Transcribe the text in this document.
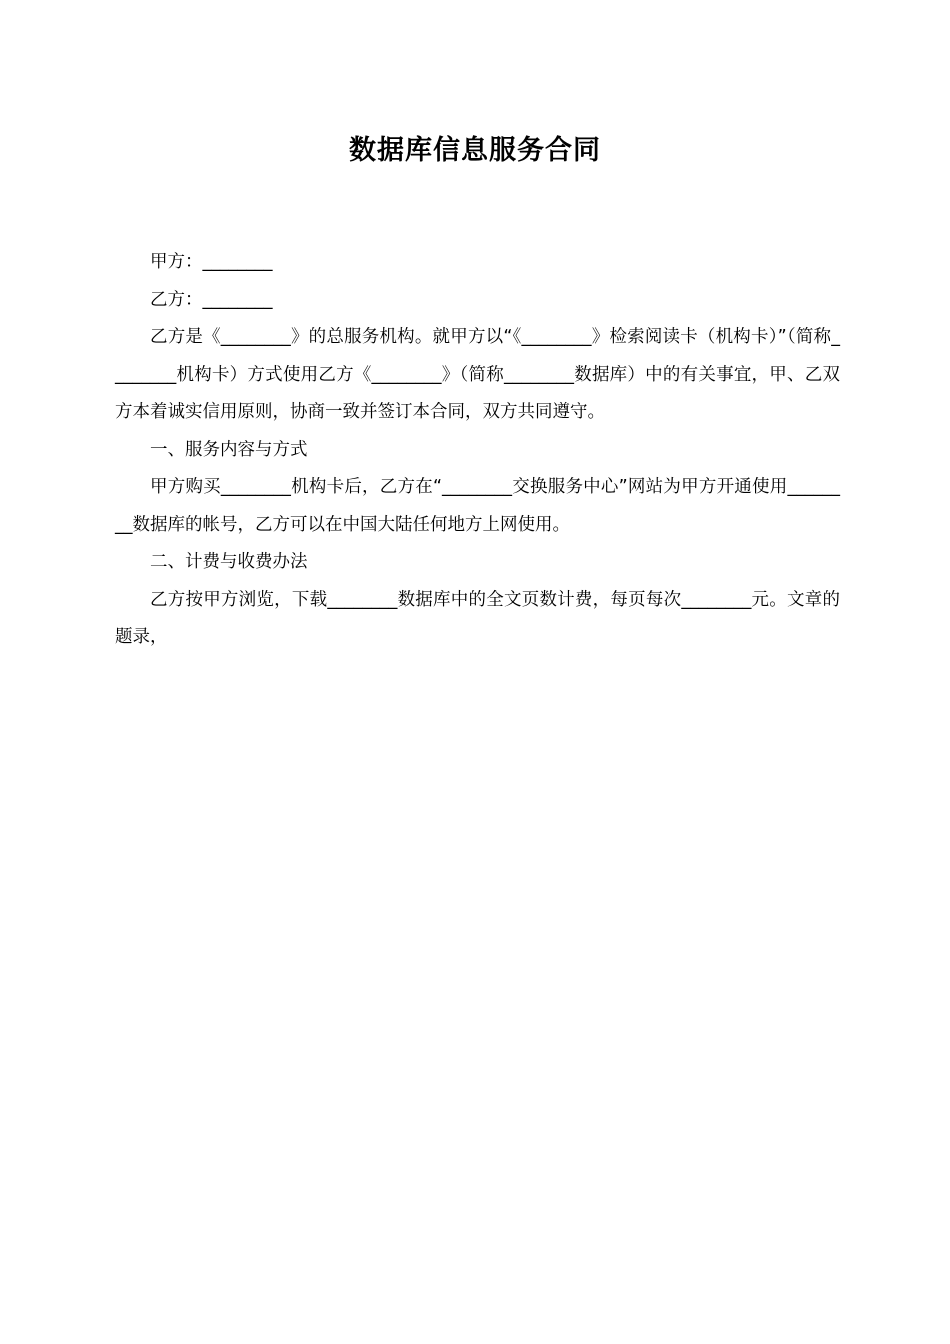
数据库信息服务合同

甲方：________

乙方：________

乙方是《________》的总服务机构。就甲方以“《________》检索阅读卡（机构卡）”（简称________机构卡）方式使用乙方《________》（简称________数据库）中的有关事宜，甲、乙双方本着诚实信用原则，协商一致并签订本合同，双方共同遵守。

一、服务内容与方式

甲方购买________机构卡后，乙方在“________交换服务中心”网站为甲方开通使用________数据库的帐号，乙方可以在中国大陆任何地方上网使用。

二、计费与收费办法

乙方按甲方浏览，下载________数据库中的全文页数计费，每页每次________元。文章的题录，
